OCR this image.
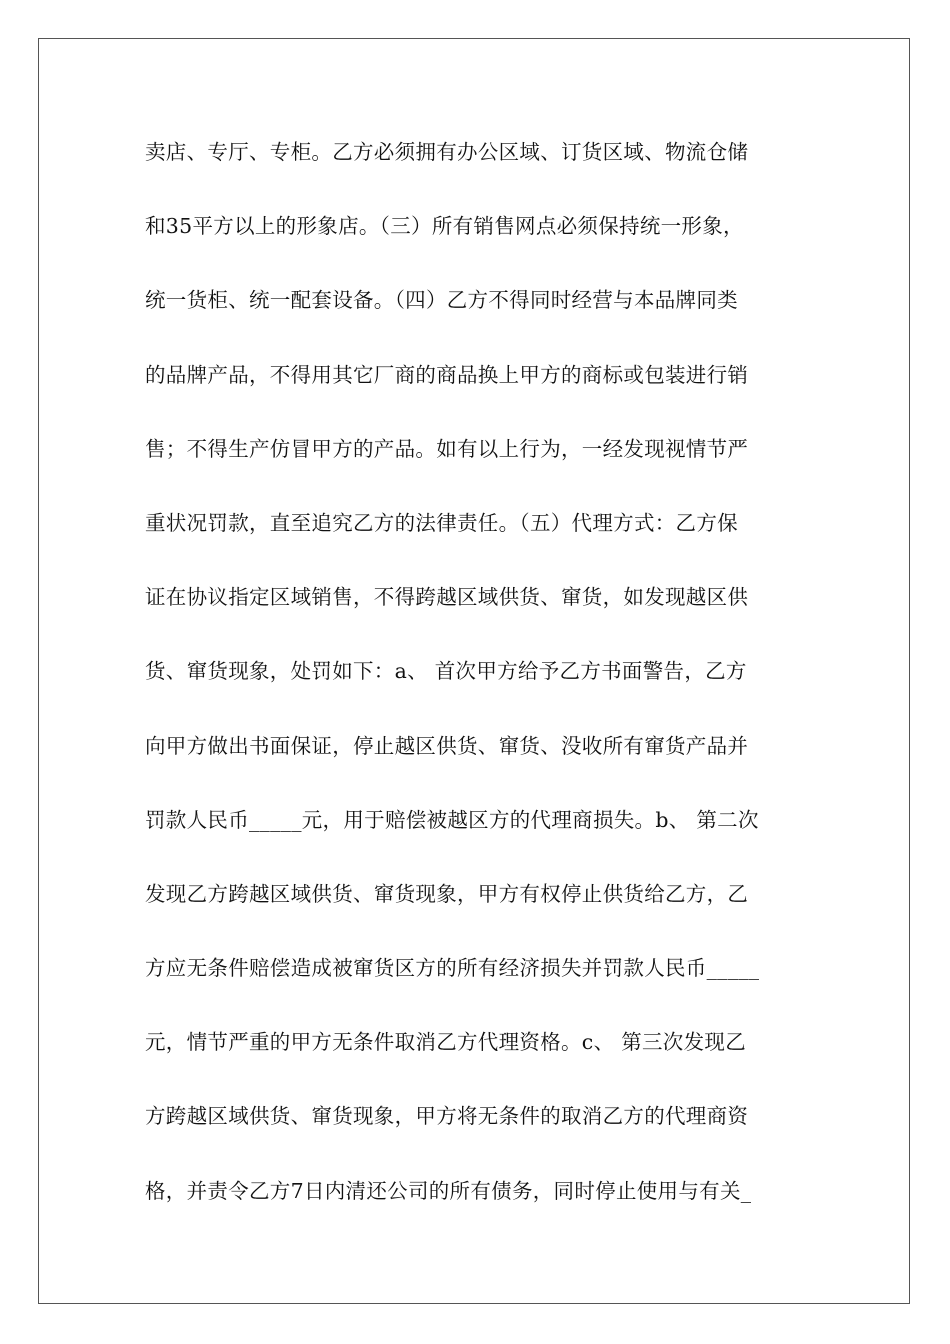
卖店、专厅、专柜。乙方必须拥有办公区域、订货区域、物流仓储
和35平方以上的形象店。（三）所有销售网点必须保持统一形象，
统一货柜、统一配套设备。（四）乙方不得同时经营与本品牌同类
的品牌产品，不得用其它厂商的商品换上甲方的商标或包装进行销
售；不得生产仿冒甲方的产品。如有以上行为，一经发现视情节严
重状况罚款，直至追究乙方的法律责任。（五）代理方式：乙方保
证在协议指定区域销售，不得跨越区域供货、窜货，如发现越区供
货、窜货现象，处罚如下：a、 首次甲方给予乙方书面警告，乙方
向甲方做出书面保证，停止越区供货、窜货、没收所有窜货产品并
罚款人民币_____元，用于赔偿被越区方的代理商损失。b、 第二次
发现乙方跨越区域供货、窜货现象，甲方有权停止供货给乙方，乙
方应无条件赔偿造成被窜货区方的所有经济损失并罚款人民币_____
元，情节严重的甲方无条件取消乙方代理资格。c、 第三次发现乙
方跨越区域供货、窜货现象，甲方将无条件的取消乙方的代理商资
格，并责令乙方7日内清还公司的所有债务，同时停止使用与有关_
